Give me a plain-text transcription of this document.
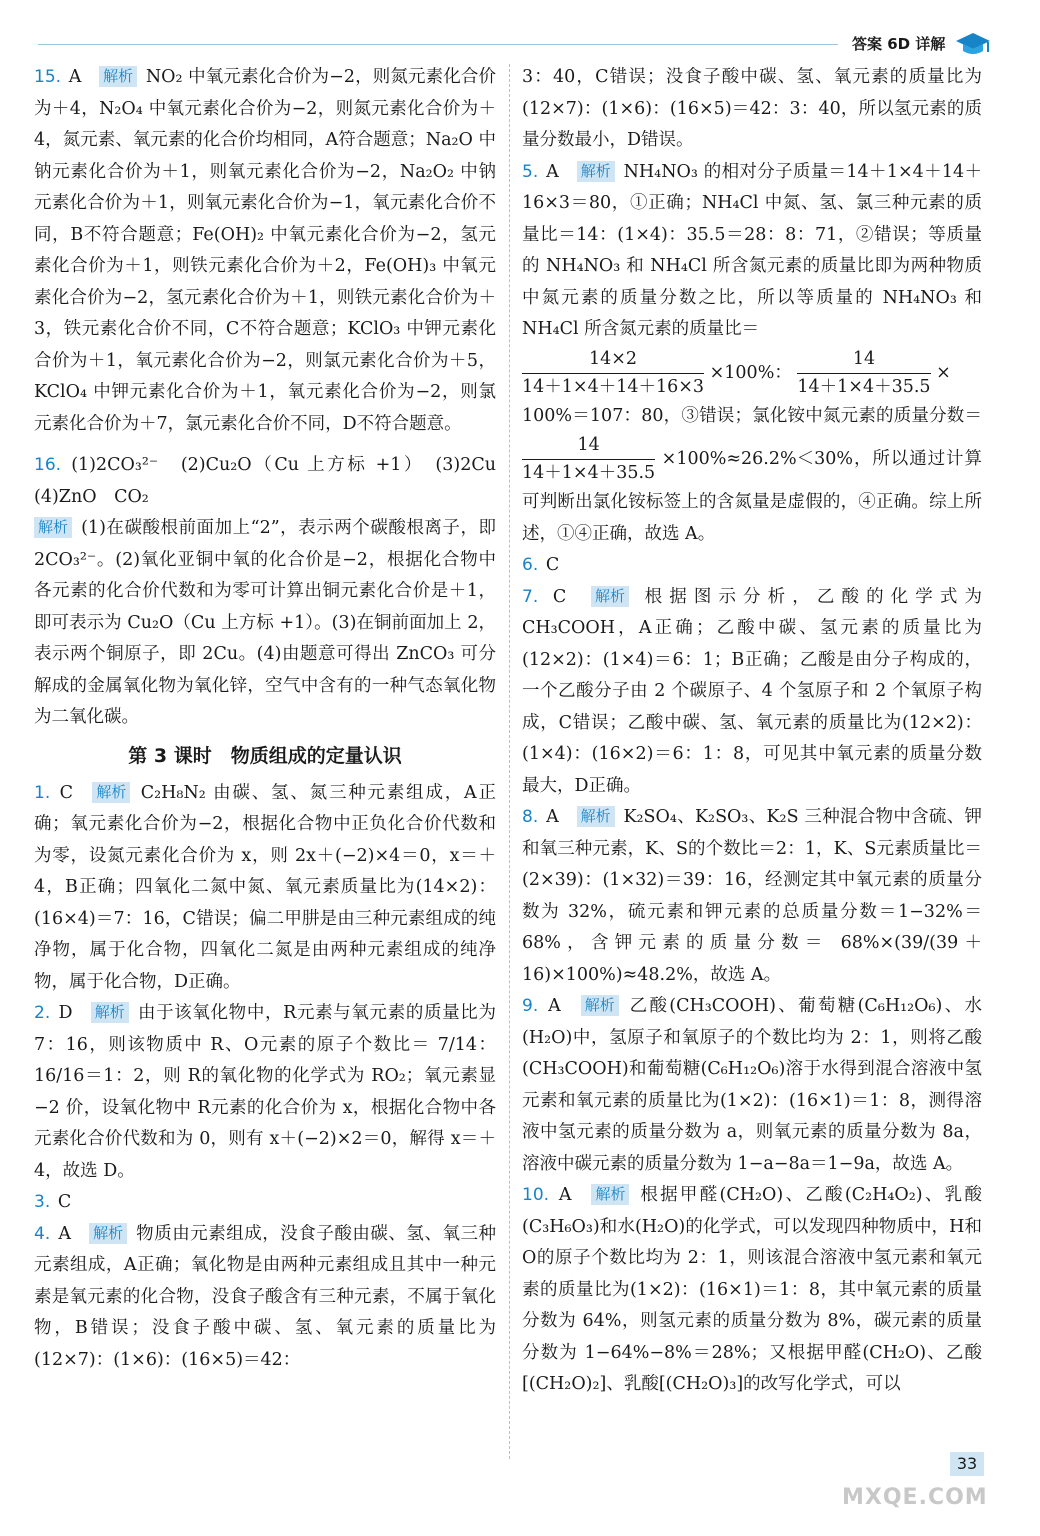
答案 6D 详解
15. A 解析 NO₂ 中氧元素化合价为−2，则氮元素化合价为＋4，N₂O₄ 中氧元素化合价为−2，则氮元素化合价为＋4，氮元素、氧元素的化合价均相同，A符合题意；Na₂O 中钠元素化合价为＋1，则氧元素化合价为−2，Na₂O₂ 中钠元素化合价为＋1，则氧元素化合价为−1，氧元素化合价不同，B不符合题意；Fe(OH)₂ 中氧元素化合价为−2，氢元素化合价为＋1，则铁元素化合价为＋2，Fe(OH)₃ 中氧元素化合价为−2，氢元素化合价为＋1，则铁元素化合价为＋3，铁元素化合价不同，C不符合题意；KClO₃ 中钾元素化合价为＋1，氧元素化合价为−2，则氯元素化合价为＋5，KClO₄ 中钾元素化合价为＋1，氧元素化合价为−2，则氯元素化合价为＋7，氯元素化合价不同，D不符合题意。
16. (1)2CO₃²⁻　(2)Cu₂O（Cu 上方标 +1）　(3)2Cu　(4)ZnO　CO₂
解析 (1)在碳酸根前面加上“2”，表示两个碳酸根离子，即 2CO₃²⁻。(2)氧化亚铜中氧的化合价是−2，根据化合物中各元素的化合价代数和为零可计算出铜元素化合价是＋1，即可表示为 Cu₂O（Cu 上方标 +1）。(3)在铜前面加上 2，表示两个铜原子，即 2Cu。(4)由题意可得出 ZnCO₃ 可分解成的金属氧化物为氧化锌，空气中含有的一种气态氧化物为二氧化碳。
第 3 课时　物质组成的定量认识
1. C 解析 C₂H₈N₂ 由碳、氢、氮三种元素组成，A正确；氧元素化合价为−2，根据化合物中正负化合价代数和为零，设氮元素化合价为 x，则 2x＋(−2)×4＝0，x＝＋4，B正确；四氧化二氮中氮、氧元素质量比为(14×2)：(16×4)＝7：16，C错误；偏二甲肼是由三种元素组成的纯净物，属于化合物，四氧化二氮是由两种元素组成的纯净物，属于化合物，D正确。
2. D 解析 由于该氧化物中，R元素与氧元素的质量比为 7：16，则该物质中 R、O元素的原子个数比＝ 7/14：16/16＝1：2，则 R的氧化物的化学式为 RO₂；氧元素显−2 价，设氧化物中 R元素的化合价为 x，根据化合物中各元素化合价代数和为 0，则有 x＋(−2)×2＝0，解得 x＝＋4，故选 D。
3. C
4. A 解析 物质由元素组成，没食子酸由碳、氢、氧三种元素组成，A正确；氧化物是由两种元素组成且其中一种元素是氧元素的化合物，没食子酸含有三种元素，不属于氧化物，B错误；没食子酸中碳、氢、氧元素的质量比为(12×7)：(1×6)：(16×5)＝42：
3：40，C错误；没食子酸中碳、氢、氧元素的质量比为(12×7)：(1×6)：(16×5)＝42：3：40，所以氢元素的质量分数最小，D错误。
5. A 解析 NH₄NO₃ 的相对分子质量＝14＋1×4＋14＋16×3＝80，①正确；NH₄Cl 中氮、氢、氯三种元素的质量比＝14：(1×4)：35.5＝28：8：71，②错误；等质量的 NH₄NO₃ 和 NH₄Cl 所含氮元素的质量比即为两种物质中氮元素的质量分数之比，所以等质量的 NH₄NO₃ 和 NH₄Cl 所含氮元素的质量比＝
$\frac{14\times 2}{14+1\times 4+14+16\times 3} \times 100\%$： $\frac{14}{14+1\times 4+35.5}$ ×
100%＝107：80，③错误；氯化铵中氮元素的质量分数＝
$\frac{14}{14+1\times 4+35.5} \times 100\%\approx 26.2\%<30\%$，所以通过计算可判断出氯化铵标签上的含氮量是虚假的，④正确。综上所述，①④正确，故选 A。
6. C
7. C 解析 根据图示分析，乙酸的化学式为 CH₃COOH，A正确；乙酸中碳、氢元素的质量比为(12×2)：(1×4)＝6：1；B正确；乙酸是由分子构成的，一个乙酸分子由 2 个碳原子、4 个氢原子和 2 个氧原子构成，C错误；乙酸中碳、氢、氧元素的质量比为(12×2)：(1×4)：(16×2)＝6：1：8，可见其中氧元素的质量分数最大，D正确。
8. A 解析 K₂SO₄、K₂SO₃、K₂S 三种混合物中含硫、钾和氧三种元素，K、S的个数比＝2：1，K、S元素质量比＝(2×39)：(1×32)＝39：16，经测定其中氧元素的质量分数为 32%，硫元素和钾元素的总质量分数＝1−32%＝68%，含钾元素的质量分数＝ 68%×(39/(39＋16)×100%)≈48.2%，故选 A。
9. A 解析 乙酸(CH₃COOH)、葡萄糖(C₆H₁₂O₆)、水(H₂O)中，氢原子和氧原子的个数比均为 2：1，则将乙酸(CH₃COOH)和葡萄糖(C₆H₁₂O₆)溶于水得到混合溶液中氢元素和氧元素的质量比为(1×2)：(16×1)＝1：8，测得溶液中氢元素的质量分数为 a，则氧元素的质量分数为 8a，溶液中碳元素的质量分数为 1−a−8a＝1−9a，故选 A。
10. A 解析 根据甲醛(CH₂O)、乙酸(C₂H₄O₂)、乳酸(C₃H₆O₃)和水(H₂O)的化学式，可以发现四种物质中，H和O的原子个数比均为 2：1，则该混合溶液中氢元素和氧元素的质量比为(1×2)：(16×1)＝1：8，其中氧元素的质量分数为 64%，则氢元素的质量分数为 8%，碳元素的质量分数为 1−64%−8%＝28%；又根据甲醛(CH₂O)、乙酸[(CH₂O)₂]、乳酸[(CH₂O)₃]的改写化学式，可以
33
MXQE.COM
